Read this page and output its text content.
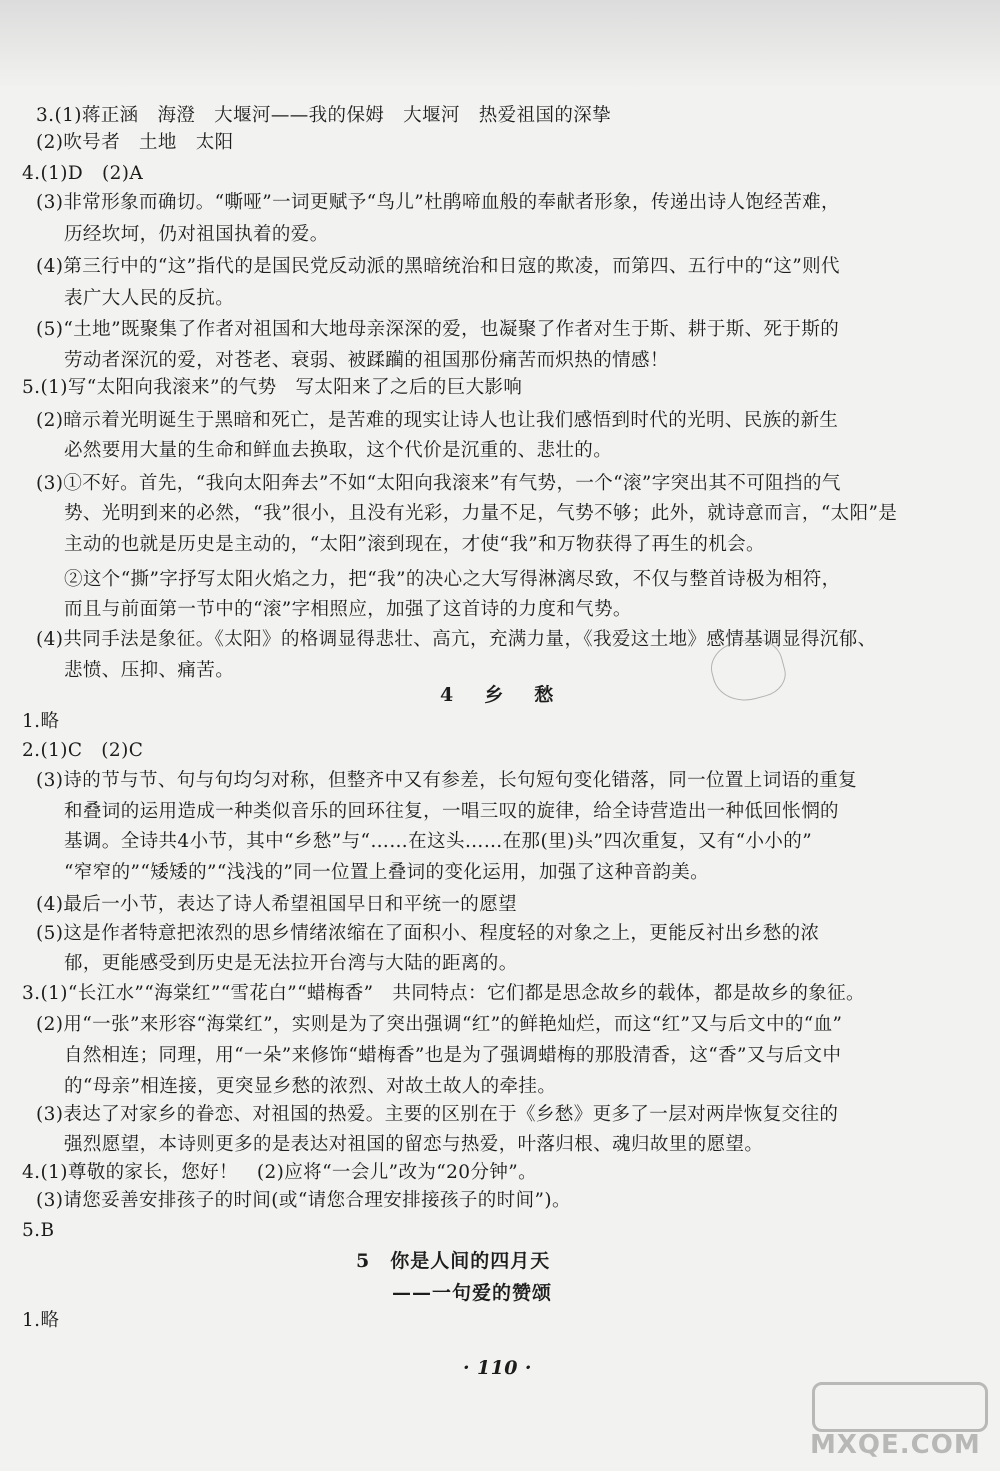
3.(1)蒋正涵　海澄　大堰河——我的保姆　大堰河　热爱祖国的深挚
(2)吹号者　土地　太阳
4.(1)D　(2)A
(3)非常形象而确切。“嘶哑”一词更赋予“鸟儿”杜鹃啼血般的奉献者形象，传递出诗人饱经苦难，
历经坎坷，仍对祖国执着的爱。
(4)第三行中的“这”指代的是国民党反动派的黑暗统治和日寇的欺凌，而第四、五行中的“这”则代
表广大人民的反抗。
(5)“土地”既聚集了作者对祖国和大地母亲深深的爱，也凝聚了作者对生于斯、耕于斯、死于斯的
劳动者深沉的爱，对苍老、衰弱、被蹂躏的祖国那份痛苦而炽热的情感！
5.(1)写“太阳向我滚来”的气势　写太阳来了之后的巨大影响
(2)暗示着光明诞生于黑暗和死亡，是苦难的现实让诗人也让我们感悟到时代的光明、民族的新生
必然要用大量的生命和鲜血去换取，这个代价是沉重的、悲壮的。
(3)①不好。首先，“我向太阳奔去”不如“太阳向我滚来”有气势，一个“滚”字突出其不可阻挡的气
势、光明到来的必然，“我”很小，且没有光彩，力量不足，气势不够；此外，就诗意而言，“太阳”是
主动的也就是历史是主动的，“太阳”滚到现在，才使“我”和万物获得了再生的机会。
②这个“撕”字抒写太阳火焰之力，把“我”的决心之大写得淋漓尽致，不仅与整首诗极为相符，
而且与前面第一节中的“滚”字相照应，加强了这首诗的力度和气势。
(4)共同手法是象征。《太阳》的格调显得悲壮、高亢，充满力量，《我爱这土地》感情基调显得沉郁、
悲愤、压抑、痛苦。
4　乡　愁
1.略
2.(1)C　(2)C
(3)诗的节与节、句与句均匀对称，但整齐中又有参差，长句短句变化错落，同一位置上词语的重复
和叠词的运用造成一种类似音乐的回环往复，一唱三叹的旋律，给全诗营造出一种低回怅惘的
基调。全诗共4小节，其中“乡愁”与“……在这头……在那(里)头”四次重复，又有“小小的”
“窄窄的”“矮矮的”“浅浅的”同一位置上叠词的变化运用，加强了这种音韵美。
(4)最后一小节，表达了诗人希望祖国早日和平统一的愿望
(5)这是作者特意把浓烈的思乡情绪浓缩在了面积小、程度轻的对象之上，更能反衬出乡愁的浓
郁，更能感受到历史是无法拉开台湾与大陆的距离的。
3.(1)“长江水”“海棠红”“雪花白”“蜡梅香”　共同特点：它们都是思念故乡的载体，都是故乡的象征。
(2)用“一张”来形容“海棠红”，实则是为了突出强调“红”的鲜艳灿烂，而这“红”又与后文中的“血”
自然相连；同理，用“一朵”来修饰“蜡梅香”也是为了强调蜡梅的那股清香，这“香”又与后文中
的“母亲”相连接，更突显乡愁的浓烈、对故土故人的牵挂。
(3)表达了对家乡的眷恋、对祖国的热爱。主要的区别在于《乡愁》更多了一层对两岸恢复交往的
强烈愿望，本诗则更多的是表达对祖国的留恋与热爱，叶落归根、魂归故里的愿望。
4.(1)尊敬的家长，您好！　(2)应将“一会儿”改为“20分钟”。
(3)请您妥善安排孩子的时间(或“请您合理安排接孩子的时间”)。
5.B
5　你是人间的四月天
——一句爱的赞颂
1.略
· 110 ·
MXQE.COM
